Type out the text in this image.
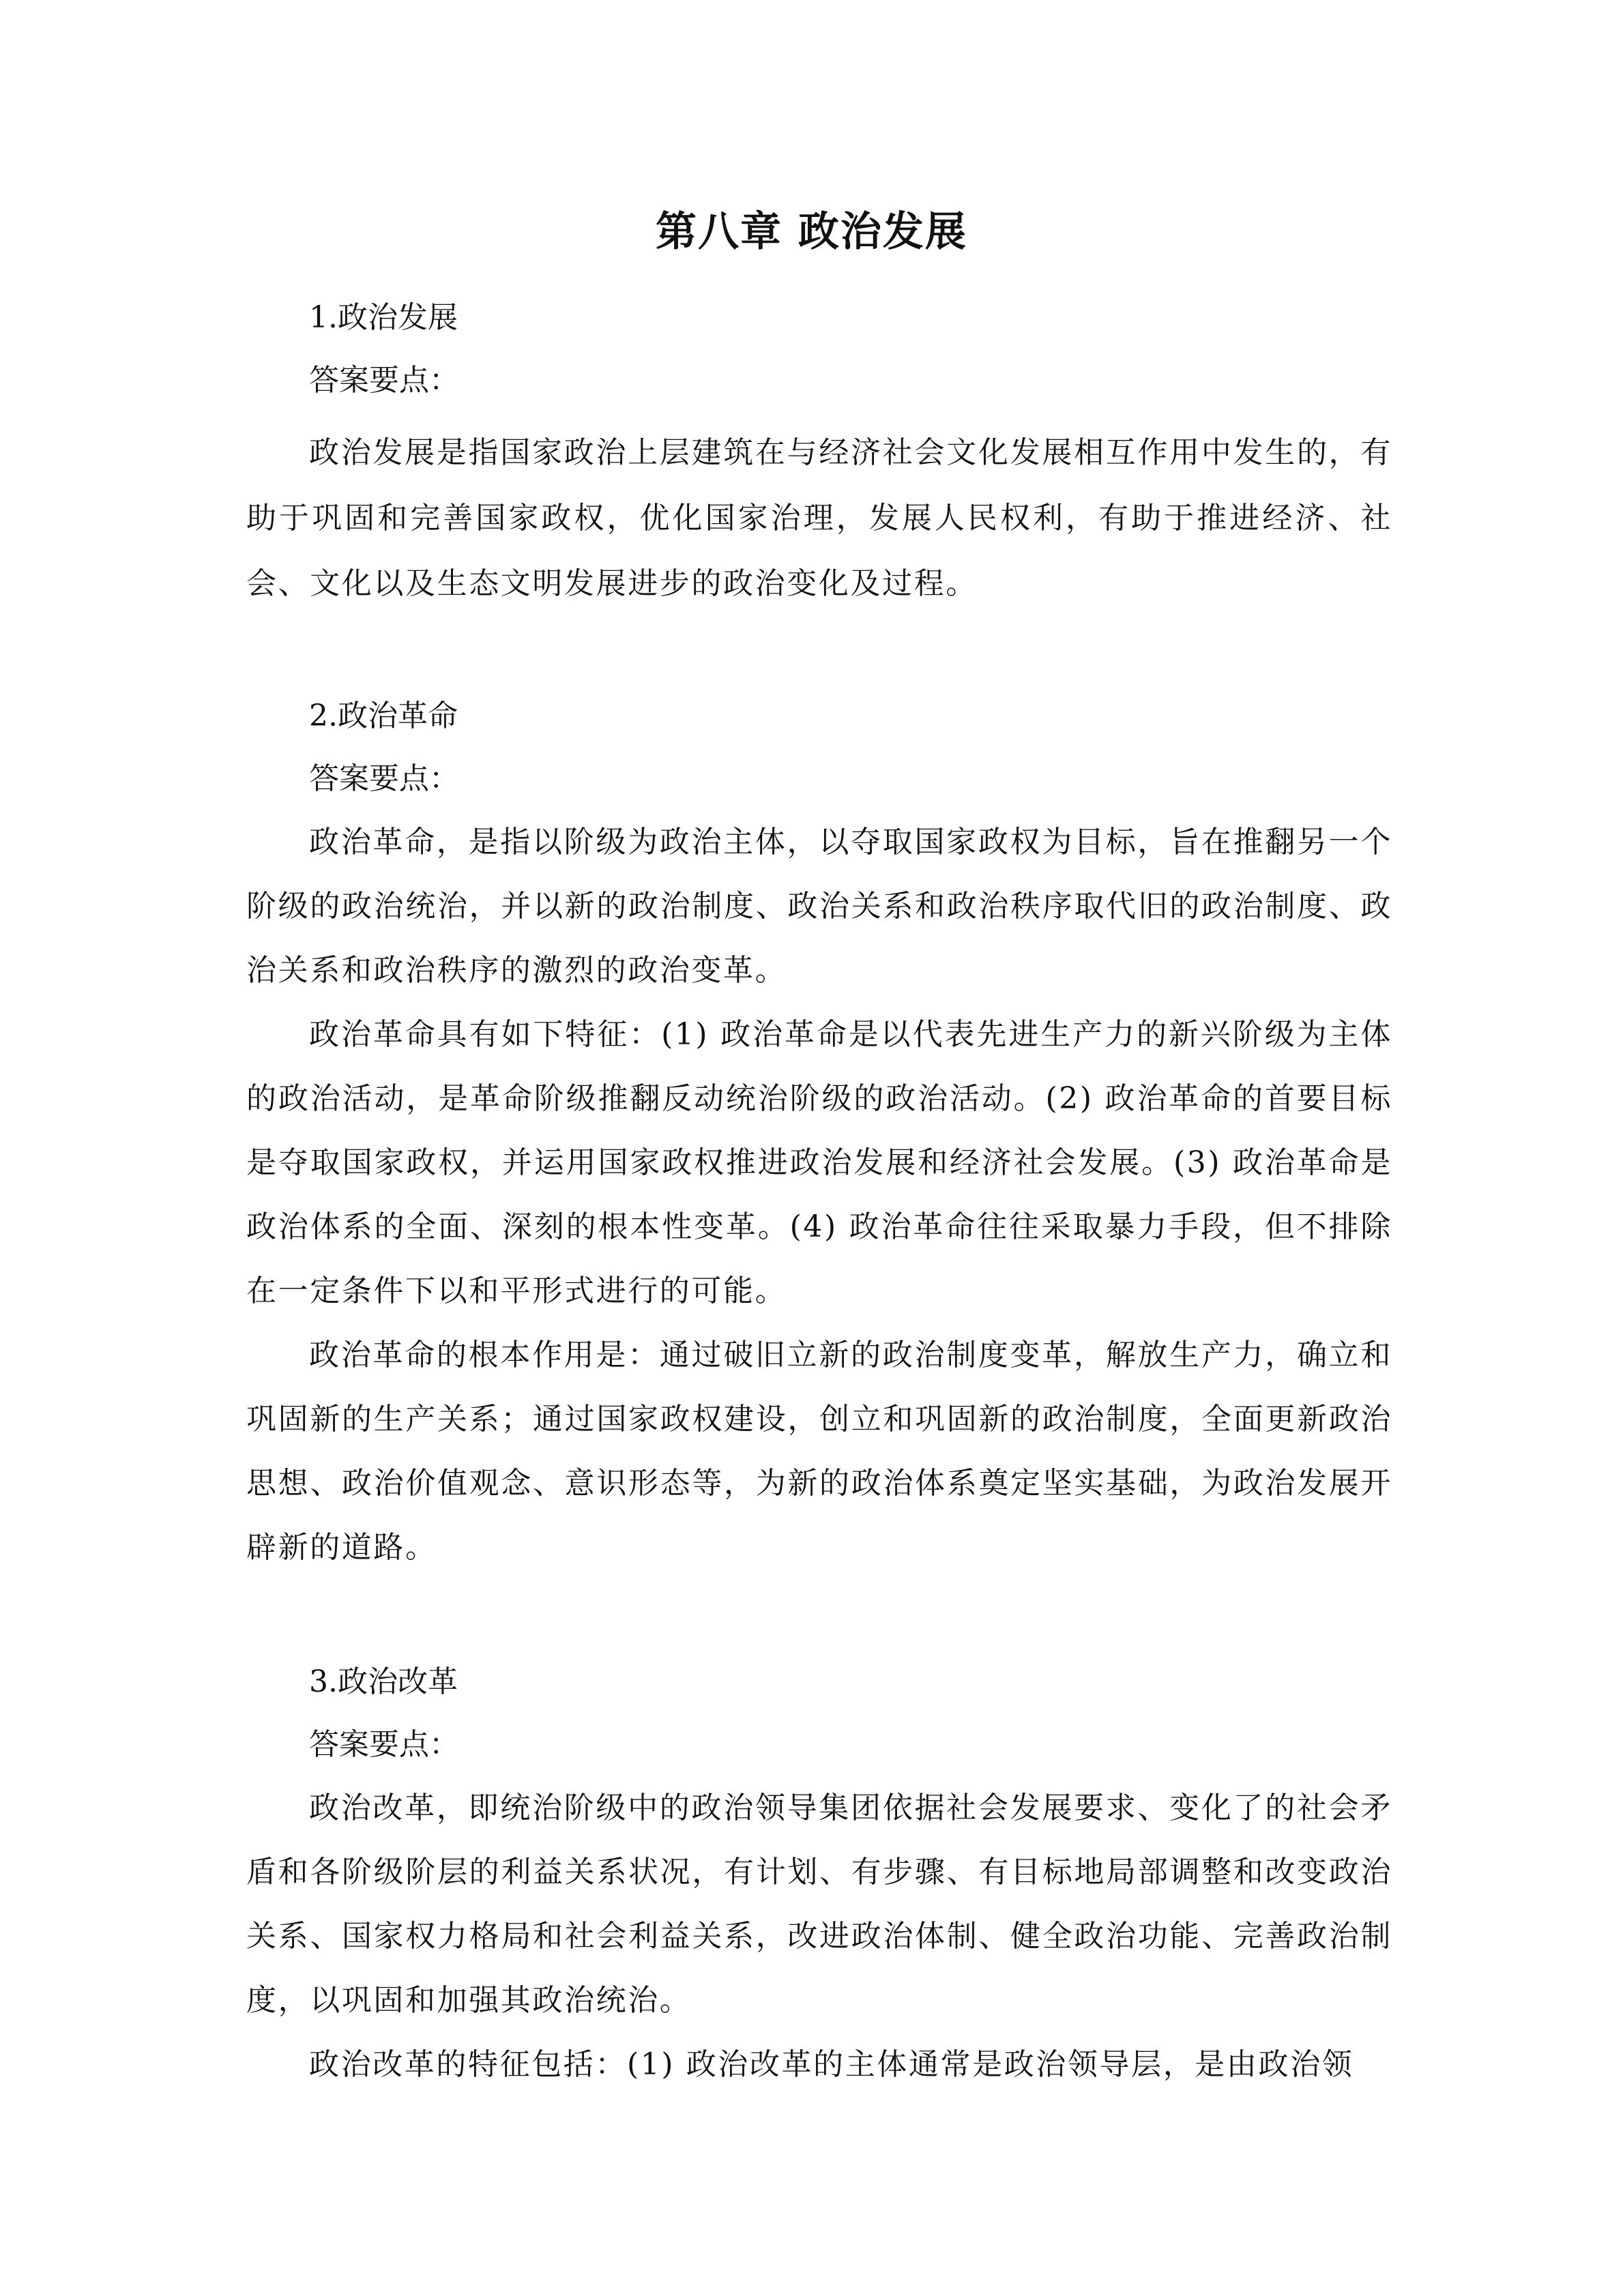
第八章 政治发展
1.政治发展
答案要点：

政治发展是指国家政治上层建筑在与经济社会文化发展相互作用中发生的，有助于巩固和完善国家政权，优化国家治理，发展人民权利，有助于推进经济、社会、文化以及生态文明发展进步的政治变化及过程。

2.政治革命
答案要点：

政治革命，是指以阶级为政治主体，以夺取国家政权为目标，旨在推翻另一个阶级的政治统治，并以新的政治制度、政治关系和政治秩序取代旧的政治制度、政治关系和政治秩序的激烈的政治变革。

政治革命具有如下特征：(1) 政治革命是以代表先进生产力的新兴阶级为主体的政治活动，是革命阶级推翻反动统治阶级的政治活动。(2) 政治革命的首要目标是夺取国家政权，并运用国家政权推进政治发展和经济社会发展。(3) 政治革命是政治体系的全面、深刻的根本性变革。(4) 政治革命往往采取暴力手段，但不排除在一定条件下以和平形式进行的可能。

政治革命的根本作用是：通过破旧立新的政治制度变革，解放生产力，确立和巩固新的生产关系；通过国家政权建设，创立和巩固新的政治制度，全面更新政治思想、政治价值观念、意识形态等，为新的政治体系奠定坚实基础，为政治发展开辟新的道路。

3.政治改革
答案要点：

政治改革，即统治阶级中的政治领导集团依据社会发展要求、变化了的社会矛盾和各阶级阶层的利益关系状况，有计划、有步骤、有目标地局部调整和改变政治关系、国家权力格局和社会利益关系，改进政治体制、健全政治功能、完善政治制度，以巩固和加强其政治统治。

政治改革的特征包括：(1) 政治改革的主体通常是政治领导层，是由政治领
